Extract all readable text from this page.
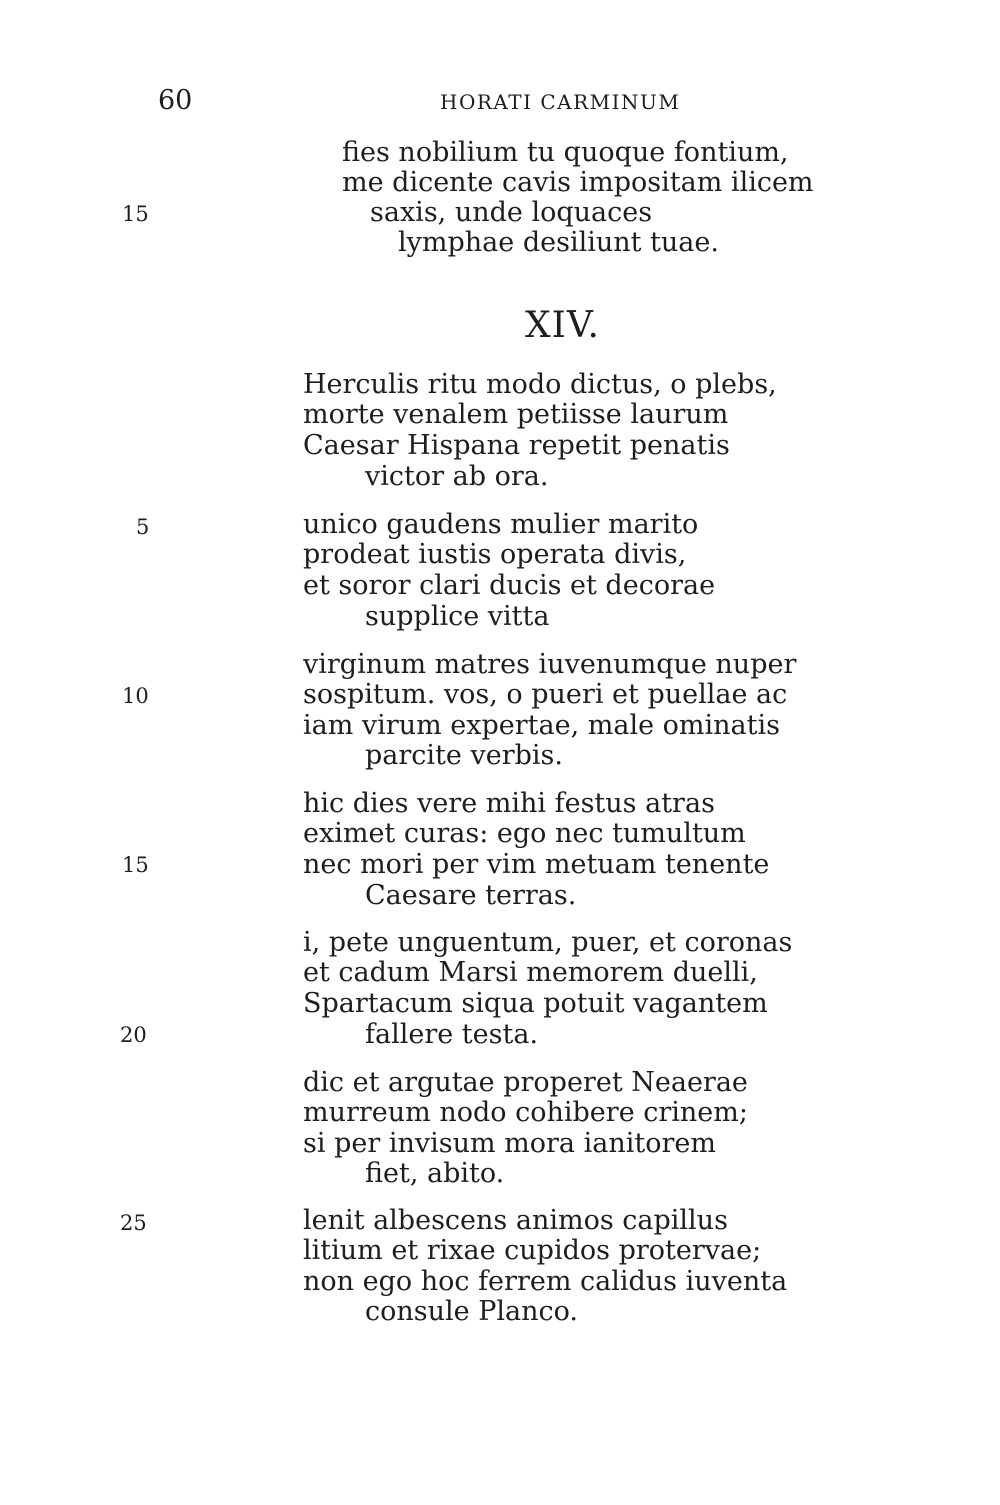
60	HORATI CARMINUM
fies nobilium tu quoque fontium,
me dicente cavis impositam ilicem
saxis, unde loquaces
lymphae desiliunt tuae.
15
XIV.
Herculis ritu modo dictus, o plebs,
morte venalem petiisse laurum
Caesar Hispana repetit penatis
victor ab ora.
5	unico gaudens mulier marito
prodeat iustis operata divis,
et soror clari ducis et decorae
supplice vitta
virginum matres iuvenumque nuper
10	sospitum. vos, o pueri et puellae ac
iam virum expertae, male ominatis
parcite verbis.
hic dies vere mihi festus atras
eximet curas: ego nec tumultum
15	nec mori per vim metuam tenente
Caesare terras.
i, pete unguentum, puer, et coronas
et cadum Marsi memorem duelli,
Spartacum siqua potuit vagantem
20	fallere testa.
dic et argutae properet Neaerae
murreum nodo cohibere crinem;
si per invisum mora ianitorem
fiet, abito.
25	lenit albescens animos capillus
litium et rixae cupidos protervae;
non ego hoc ferrem calidus iuventa
consule Planco.
